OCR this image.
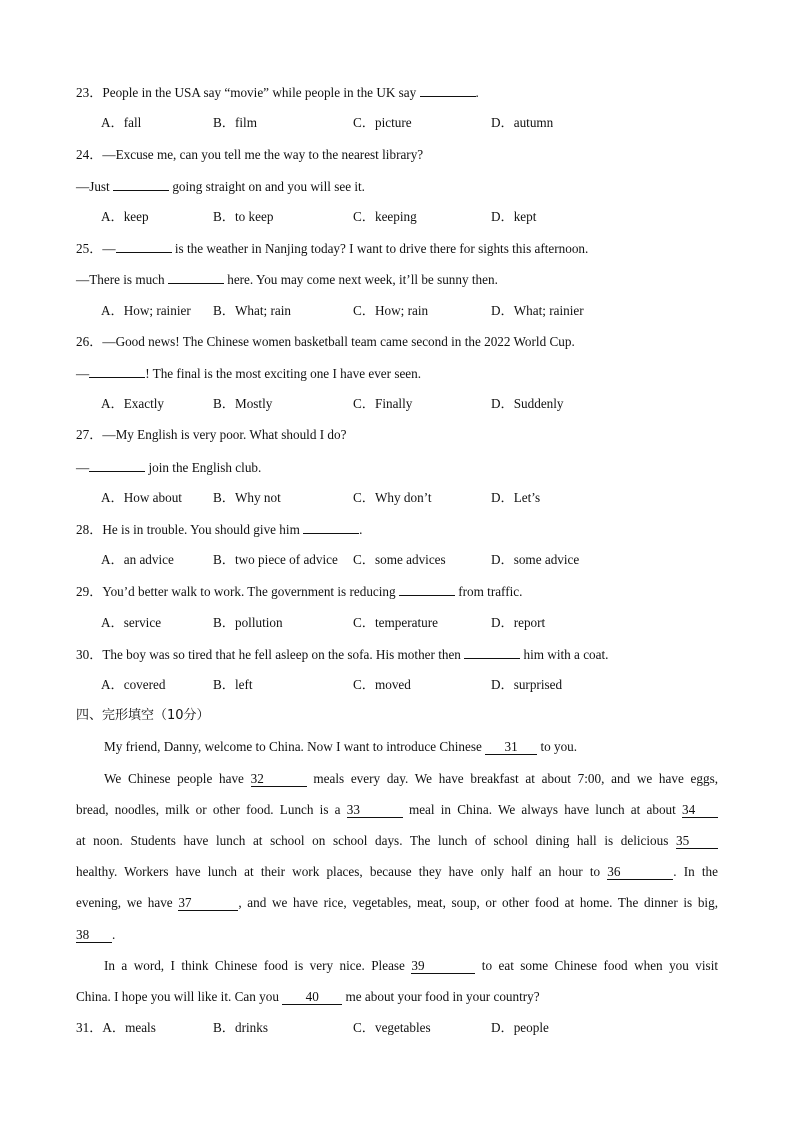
23．People in the USA say “movie” while people in the UK say	.
A．fall	B．film	C．picture	D．autumn
24．—Excuse me, can you tell me the way to the nearest library?
—Just	going straight on and you will see it.
A．keep	B．to keep	C．keeping	D．kept
25．—	is the weather in Nanjing today? I want to drive there for sights this afternoon.
—There is much	here. You may come next week, it’ll be sunny then.
A．How; rainier B．What; rain	C．How; rain	D．What; rainier
26．—Good news! The Chinese women basketball team came second in the 2022 World Cup.
—	! The final is the most exciting one I have ever seen.
A．Exactly	B．Mostly	C．Finally	D．Suddenly
27．—My English is very poor. What should I do?
—	join the English club.
A．How about B．Why not	C．Why don’t	D．Let’s
28．He is in trouble. You should give him	.
A．an advice	B．two piece of advice C．some advices	D．some advice
29．You’d better walk to work. The government is reducing	from traffic.
A．service	B．pollution	C．temperature	D．report
30．The boy was so tired that he fell asleep on the sofa. His mother then	him with a coat.
A．covered	B．left	C．moved	D．surprised
四、完形填空（10分）
My friend, Danny, welcome to China. Now I want to introduce Chinese 31 to you.
We Chinese people have 32	meals every day. We have breakfast at about 7:00, and we have eggs,
bread, noodles, milk or other food. Lunch is a 33	meal in China. We always have lunch at about 34
at noon. Students have lunch at school on school days. The lunch of school dining hall is delicious 35
healthy. Workers have lunch at their work places, because they have only half an hour to 36	. In the
evening, we have 37	, and we have rice, vegetables, meat, soup, or other food at home. The dinner is big,
38 .
In a word, I think Chinese food is very nice. Please 39	to eat some Chinese food when you visit
China. I hope you will like it. Can you 40 me about your food in your country?
31．A．meals	B．drinks	C．vegetables	D．people
